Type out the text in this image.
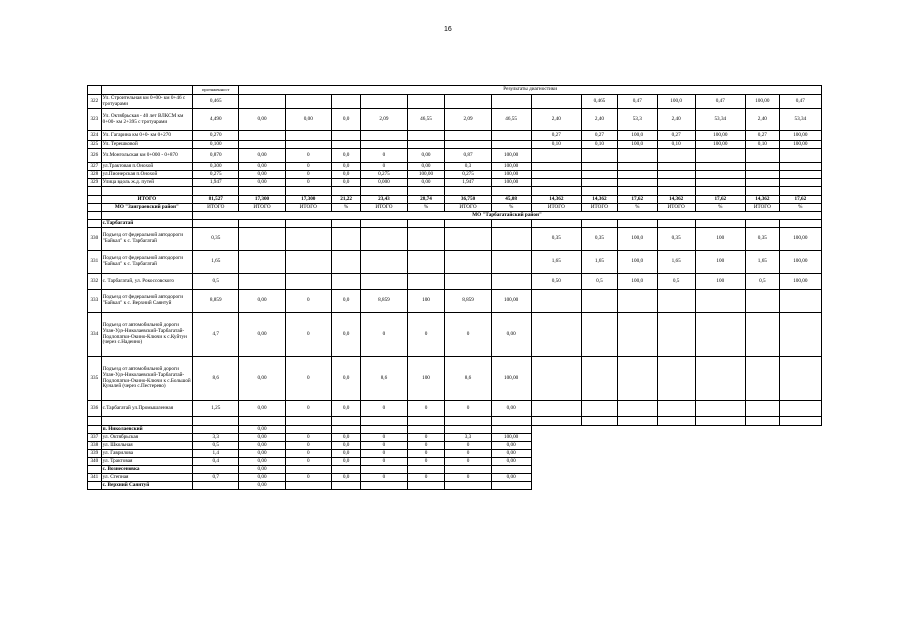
16
		протяженност	Результаты диагностики													
322	Ул. Строительная км 0+00- км 0+46 с тротуарами	0,465									0,465	0,47	100,0	0,47	100,00	0,47
323	Ул. Октябрьская - 40 лет ВЛКСМ км 0+00- км 2+395 с тротуарами	4,490	0,00	0,00	0,0	2,09	46,55	2,09	46,55	2,40	2,40	53,3	2,40	53,34	2,40	53,34
324	Ул. Гагарина км 0+0- км 0+270	0,270								0,27	0,27	100,0	0,27	100,00	0,27	100,00
325	Ул. Терешковой	0,100								0,10	0,10	100,0	0,10	100,00	0,10	100,00
326	Ул.Монгольская км 0+000 - 0+870	0,870	0,00	0	0,0	0	0,00	0,87	100,00							
327	ул.Трактовая п.Онохой	0,300	0,00	0	0,0	0	0,00	0,3	100,00							
328	ул.Пионерская п.Онохой	0,275	0,00	0	0,0	0,275	100,00	0,275	100,00							
329	Улица вдоль ж.д. путей	1,947	0,00	0	0,0	0,000	0,00	1,947	100,00							

	ИТОГО	81,527	17,300	17,300	21,22	23,43	28,74	36,750	45,08	14,362	14,362	17,62	14,362	17,62	14,362	17,62
	МО "Заиграевский район"	ИТОГО	ИТОГО	ИТОГО	%	ИТОГО	%	ИТОГО	%	ИТОГО	ИТОГО	%	ИТОГО	%	ИТОГО	%
		МО "Тарбагатайский район"														
	с.Тарбагатай															
330	Подъезд от федеральной автодороги "Байкал" к с. Тарбагатай	0,35								0,35	0,35	100,0	0,35	100	0,35	100,00
331	Подъезд от федеральной автодороги "Байкал" к с. Тарбагатай	1,65								1,65	1,65	100,0	1,65	100	1,65	100,00
332	с. Тарбагатай, ул. Рокоссовского	0,5								0,50	0,5	100,0	0,5	100	0,5	100,00
333	Подъезд от федеральной автодороги "Байкал" к с. Верхний Саянтуй	8,859	0,00	0	0,0	8,859	100	8,859	100,00							
334	Подъезд от автомобильной дороги Улан-Удэ-Николаевский-Тарбагатай-Подлопатки-Окино-Ключи к с.Куйтун (через с.Надеино)	4,7	0,00	0	0,0	0	0	0	0,00							
335	Подъезд от автомобильной дороги Улан-Удэ-Николаевский-Тарбагатай-Подлопатки-Окино-Ключи к с.Большой Куналей (через с.Пестерево)	8,6	0,00	0	0,0	8,6	100	8,6	100,00							
336	с.Тарбагатай ул.Промышленная	1,25	0,00	0	0,0	0	0	0	0,00							

	п. Николаевский		0,00													
337	ул. Октябрьская	3,3	0,00	0	0,0	0	0	3,3	100,00							
338	ул. Школьная	0,5	0,00	0	0,0	0	0	0	0,00							
339	ул. Гаврилова	1,4	0,00	0	0,0	0	0	0	0,00							
340	ул. Трактовая	0,4	0,00	0	0,0	0	0	0	0,00							
	с. Вознесеновка		0,00													
341	ул. Степная	0,7	0,00	0	0,0	0	0	0	0,00							
	с. Верхний Саянтуй		0,00													
